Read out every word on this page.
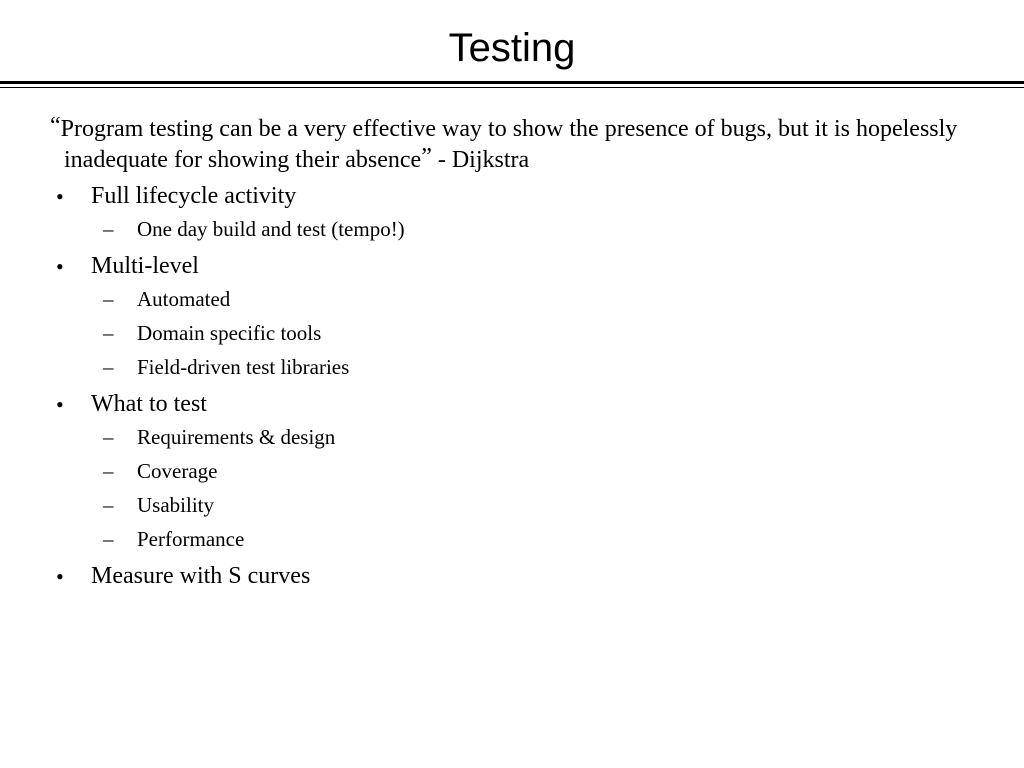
Testing

“Program testing can be a very effective way to show the presence of bugs, but it is hopelessly inadequate for showing their absence” - Dijkstra

• Full lifecycle activity
– One day build and test (tempo!)
• Multi-level
– Automated
– Domain specific tools
– Field-driven test libraries
• What to test
– Requirements & design
– Coverage
– Usability
– Performance
• Measure with S curves
